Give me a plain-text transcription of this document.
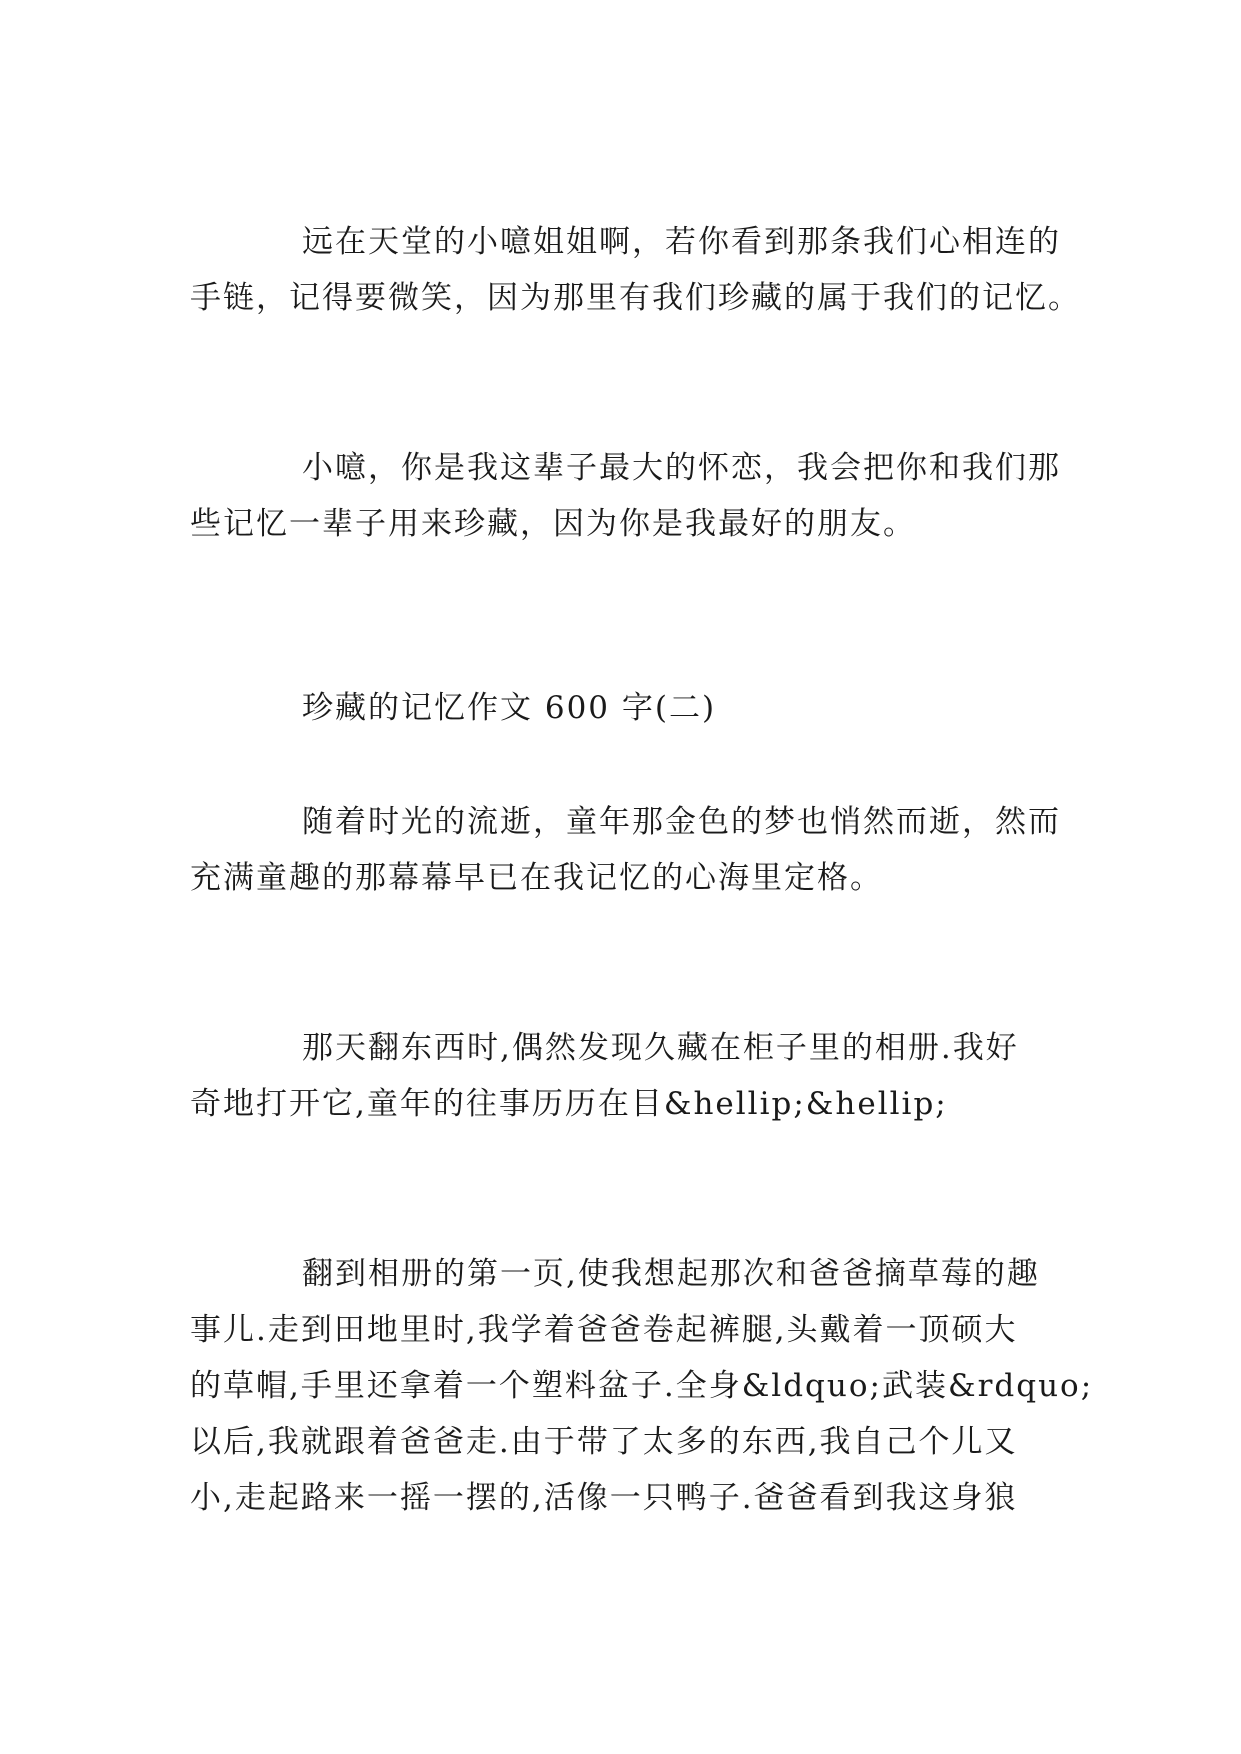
远在天堂的小噫姐姐啊，若你看到那条我们心相连的
手链，记得要微笑，因为那里有我们珍藏的属于我们的记忆。
小噫，你是我这辈子最大的怀恋，我会把你和我们那
些记忆一辈子用来珍藏，因为你是我最好的朋友。
珍藏的记忆作文 600 字(二)
随着时光的流逝，童年那金色的梦也悄然而逝，然而
充满童趣的那幕幕早已在我记忆的心海里定格。
那天翻东西时,偶然发现久藏在柜子里的相册.我好
奇地打开它,童年的往事历历在目&hellip;&hellip;
翻到相册的第一页,使我想起那次和爸爸摘草莓的趣
事儿.走到田地里时,我学着爸爸卷起裤腿,头戴着一顶硕大
的草帽,手里还拿着一个塑料盆子.全身&ldquo;武装&rdquo;
以后,我就跟着爸爸走.由于带了太多的东西,我自己个儿又
小,走起路来一摇一摆的,活像一只鸭子.爸爸看到我这身狼
